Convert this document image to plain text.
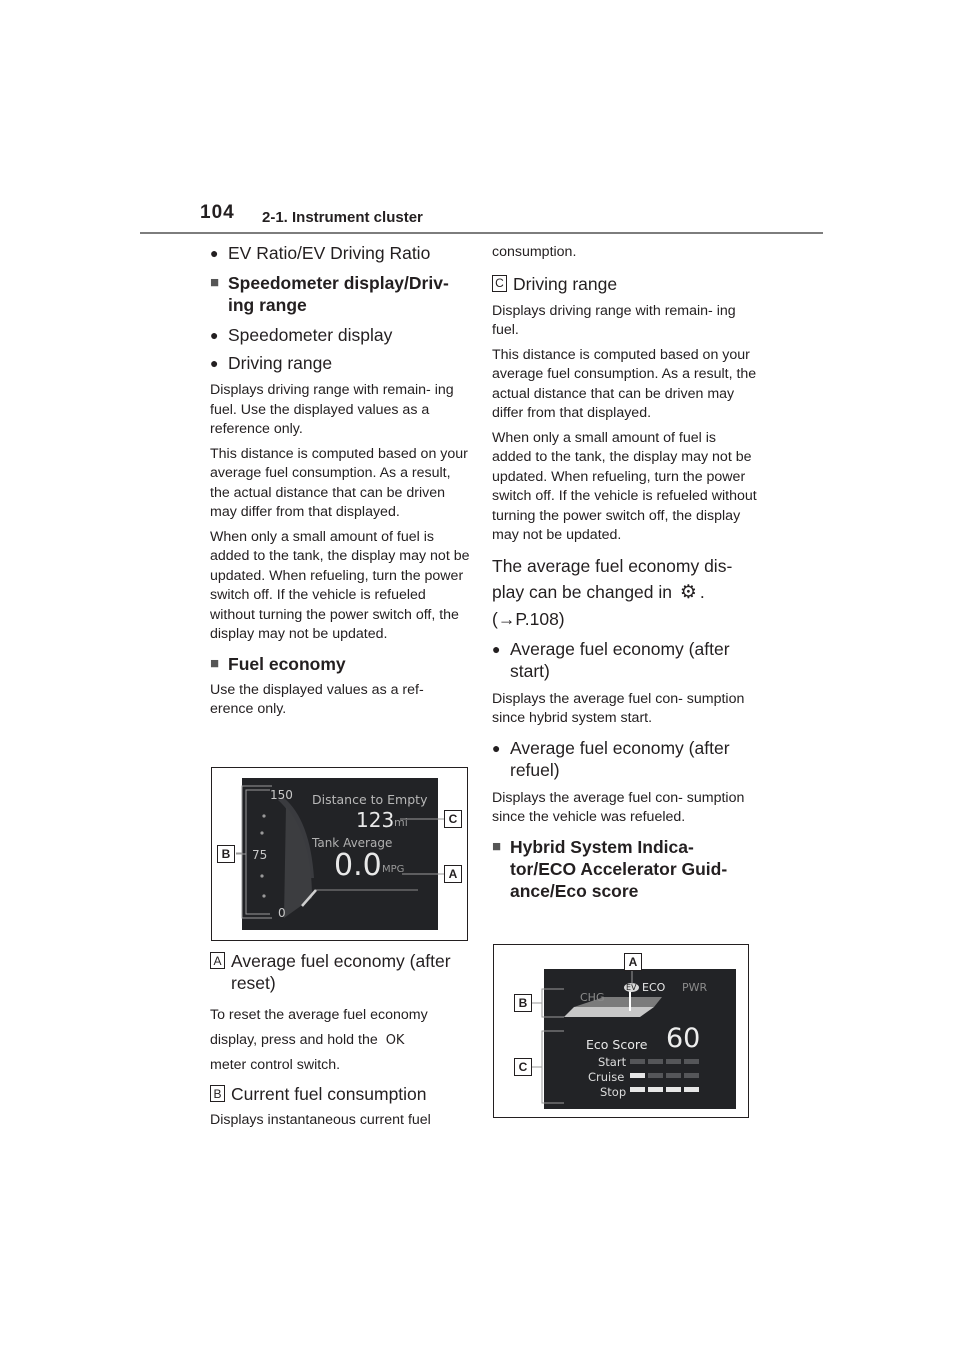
104 2-1. Instrument cluster
● EV Ratio/EV Driving Ratio
■ Speedometer display/Driv-
ing range
● Speedometer display
● Driving range
Displays driving range with remain- ing fuel. Use the displayed values as a reference only.
This distance is computed based on your average fuel consumption. As a result, the actual distance that can be driven may differ from that displayed.
When only a small amount of fuel is added to the tank, the display may not be updated. When refueling, turn the power switch off. If the vehicle is refueled without turning the power switch off, the display may not be updated.
■ Fuel economy
Use the displayed values as a ref- erence only.
150
75
0
Distance to Empty
123 mi
Tank Average
0.0 MPG
B
C
A
A Average fuel economy (after
reset)
To reset the average fuel economy
display, press and hold the OK
meter control switch.
B Current fuel consumption
Displays instantaneous current fuel
consumption.
C Driving range
Displays driving range with remain- ing fuel.
This distance is computed based on your average fuel consumption. As a result, the actual distance that can be driven may differ from that displayed.
When only a small amount of fuel is added to the tank, the display may not be updated. When refueling, turn the power switch off. If the vehicle is refueled without turning the power switch off, the display may not be updated.
The average fuel economy dis-
play can be changed in ⚙ .
(→P.108)
● Average fuel economy (after
start)
Displays the average fuel con- sumption since hybrid system start.
● Average fuel economy (after
refuel)
Displays the average fuel con- sumption since the vehicle was refueled.
■ Hybrid System Indica-
tor/ECO Accelerator Guid-
ance/Eco score
CHG
EV ECO PWR
Eco Score 60
Start
Cruise
Stop
A
B
C
